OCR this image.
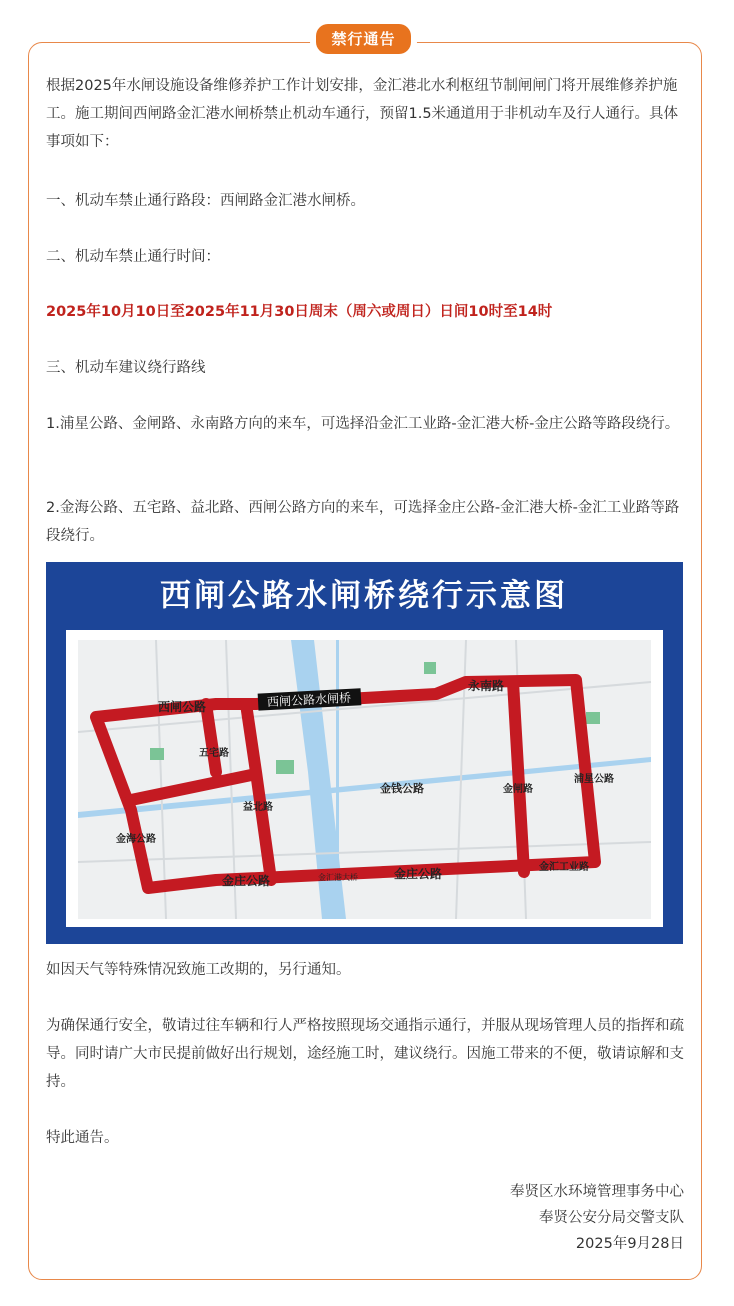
禁行通告

根据2025年水闸设施设备维修养护工作计划安排，金汇港北水利枢纽节制闸闸门将开展维修养护施工。施工期间西闸路金汇港水闸桥禁止机动车通行，预留1.5米通道用于非机动车及行人通行。具体事项如下：

一、机动车禁止通行路段：西闸路金汇港水闸桥。

二、机动车禁止通行时间：

2025年10月10日至2025年11月30日周末（周六或周日）日间10时至14时

三、机动车建议绕行路线

1.浦星公路、金闸路、永南路方向的来车，可选择沿金汇工业路-金汇港大桥-金庄公路等路段绕行。

2.金海公路、五宅路、益北路、西闸公路方向的来车，可选择金庄公路-金汇港大桥-金汇工业路等路段绕行。

西闸公路水闸桥绕行示意图
西闸公路水闸桥
西闸公路
永南路
五宅路
益北路
金海公路
金钱公路	金闸路
浦星公路
金庄公路	金庄公路
金汇港大桥
金汇工业路

如因天气等特殊情况致施工改期的，另行通知。

为确保通行安全，敬请过往车辆和行人严格按照现场交通指示通行，并服从现场管理人员的指挥和疏导。同时请广大市民提前做好出行规划，途经施工时，建议绕行。因施工带来的不便，敬请谅解和支持。

特此通告。

奉贤区水环境管理事务中心
奉贤公安分局交警支队
2025年9月28日
